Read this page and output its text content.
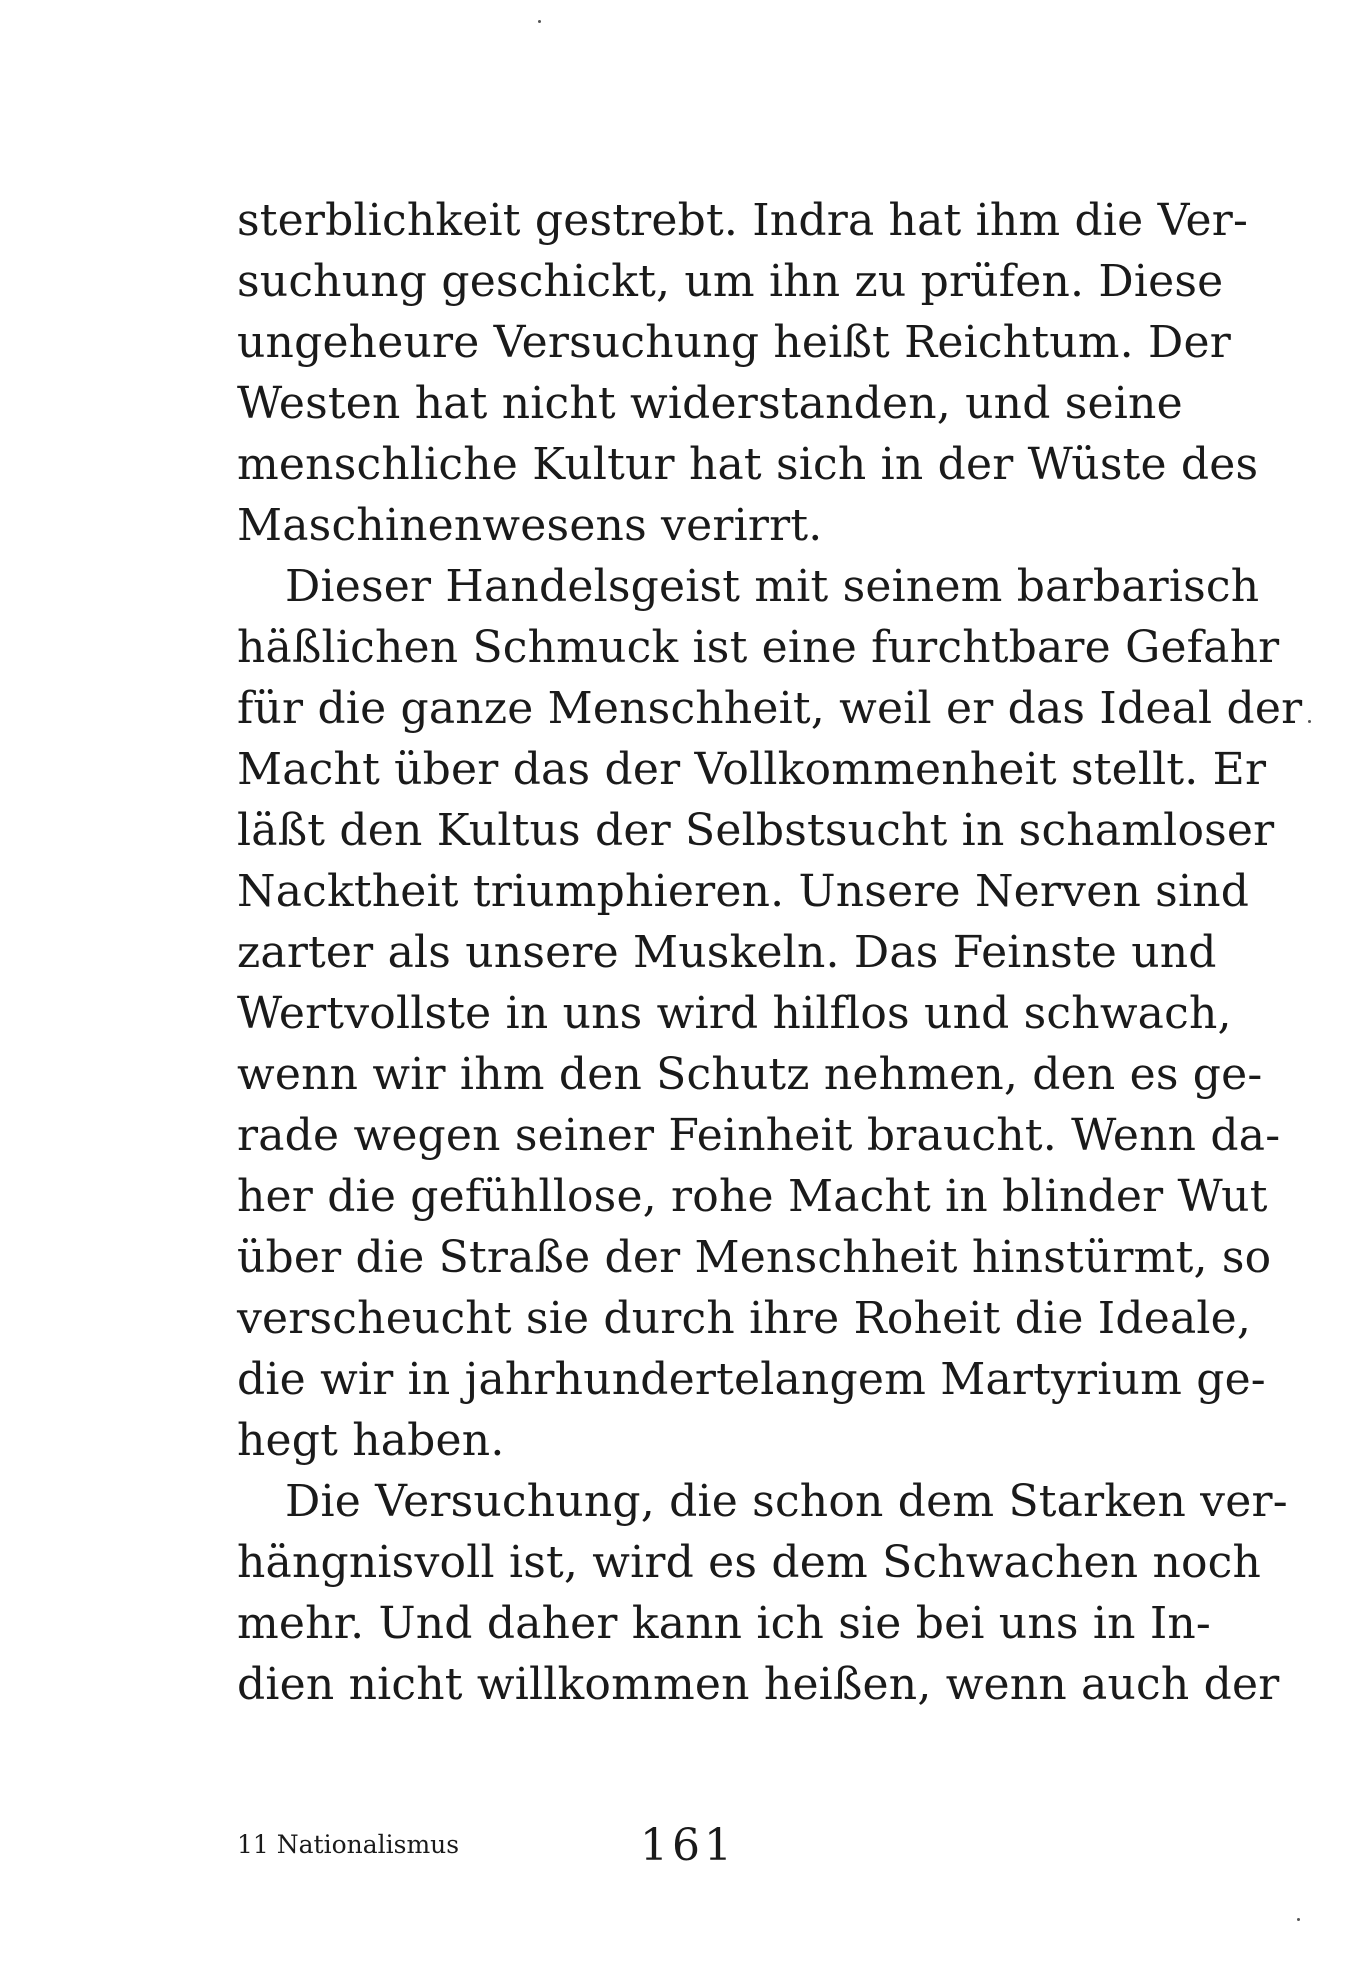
sterblichkeit gestrebt. Indra hat ihm die Ver-
suchung geschickt, um ihn zu prüfen. Diese
ungeheure Versuchung heißt Reichtum. Der
Westen hat nicht widerstanden, und seine
menschliche Kultur hat sich in der Wüste des
Maschinenwesens verirrt.
Dieser Handelsgeist mit seinem barbarisch
häßlichen Schmuck ist eine furchtbare Gefahr
für die ganze Menschheit, weil er das Ideal der
Macht über das der Vollkommenheit stellt. Er
läßt den Kultus der Selbstsucht in schamloser
Nacktheit triumphieren. Unsere Nerven sind
zarter als unsere Muskeln. Das Feinste und
Wertvollste in uns wird hilflos und schwach,
wenn wir ihm den Schutz nehmen, den es ge-
rade wegen seiner Feinheit braucht. Wenn da-
her die gefühllose, rohe Macht in blinder Wut
über die Straße der Menschheit hinstürmt, so
verscheucht sie durch ihre Roheit die Ideale,
die wir in jahrhundertelangem Martyrium ge-
hegt haben.
Die Versuchung, die schon dem Starken ver-
hängnisvoll ist, wird es dem Schwachen noch
mehr. Und daher kann ich sie bei uns in In-
dien nicht willkommen heißen, wenn auch der
11 Nationalismus	161
